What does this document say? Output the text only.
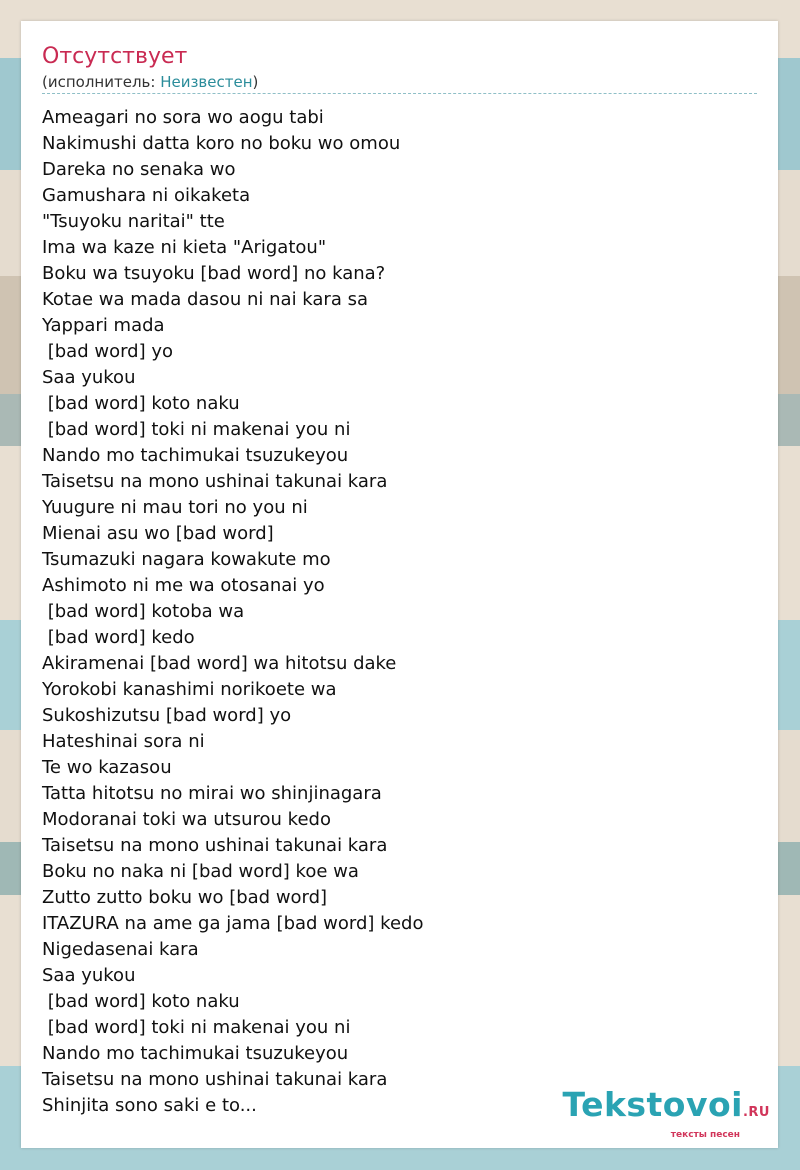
Отсутствует
(исполнитель: Неизвестен)
Ameagari no sora wo aogu tabi
Nakimushi datta koro no boku wo omou
Dareka no senaka wo
Gamushara ni oikaketa
"Tsuyoku naritai" tte
Ima wa kaze ni kieta "Arigatou"
Boku wa tsuyoku [bad word] no kana?
Kotae wa mada dasou ni nai kara sa
Yappari mada
[bad word] yo
Saa yukou
[bad word] koto naku
[bad word] toki ni makenai you ni
Nando mo tachimukai tsuzukeyou
Taisetsu na mono ushinai takunai kara
Yuugure ni mau tori no you ni
Mienai asu wo [bad word]
Tsumazuki nagara kowakute mo
Ashimoto ni me wa otosanai yo
[bad word] kotoba wa
[bad word] kedo
Akiramenai [bad word] wa hitotsu dake
Yorokobi kanashimi norikoete wa
Sukoshizutsu [bad word] yo
Hateshinai sora ni
Te wo kazasou
Tatta hitotsu no mirai wo shinjinagara
Modoranai toki wa utsurou kedo
Taisetsu na mono ushinai takunai kara
Boku no naka ni [bad word] koe wa
Zutto zutto boku wo [bad word]
ITAZURA na ame ga jama [bad word] kedo
Nigedasenai kara
Saa yukou
[bad word] koto naku
[bad word] toki ni makenai you ni
Nando mo tachimukai tsuzukeyou
Taisetsu na mono ushinai takunai kara
Shinjita sono saki e to...	Tekstovoi.RU
тексты песен
